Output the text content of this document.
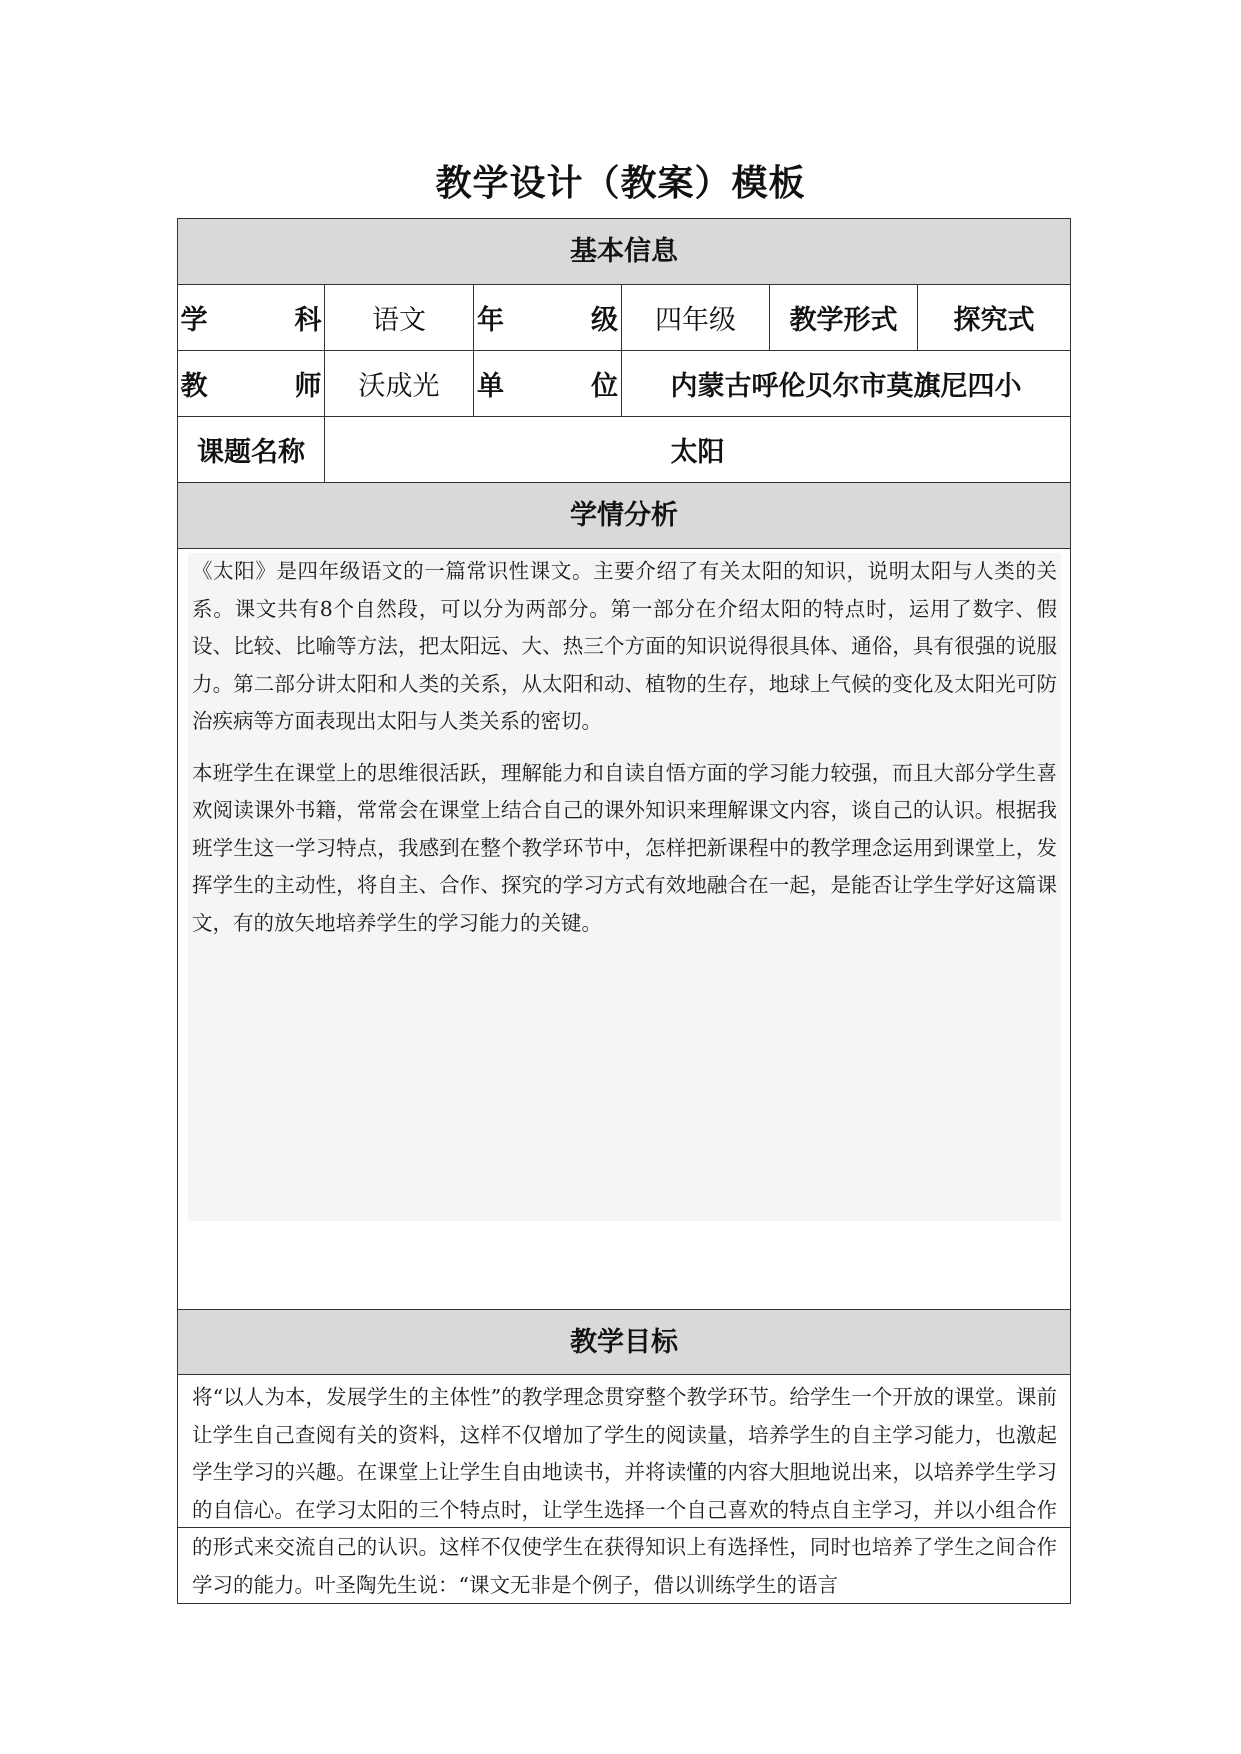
教学设计（教案）模板
基本信息
学　科 语文	年　级 四年级	教学形式	探究式
教　师 沃成光	单　位 内蒙古呼伦贝尔市莫旗尼四小
课题名称	太阳
学情分析

《太阳》是四年级语文的一篇常识性课文。主要介绍了有关太阳的知识，说明太阳与人类的关系。课文共有8个自然段，可以分为两部分。第一部分在介绍太阳的特点时，运用了数字、假设、比较、比喻等方法，把太阳远、大、热三个方面的知识说得很具体、通俗，具有很强的说服力。第二部分讲太阳和人类的关系，从太阳和动、植物的生存，地球上气候的变化及太阳光可防治疾病等方面表现出太阳与人类关系的密切。

本班学生在课堂上的思维很活跃，理解能力和自读自悟方面的学习能力较强，而且大部分学生喜欢阅读课外书籍，常常会在课堂上结合自己的课外知识来理解课文内容，谈自己的认识。根据我班学生这一学习特点，我感到在整个教学环节中，怎样把新课程中的教学理念运用到课堂上，发挥学生的主动性，将自主、合作、探究的学习方式有效地融合在一起，是能否让学生学好这篇课文，有的放矢地培养学生的学习能力的关键。

教学目标

将“以人为本，发展学生的主体性”的教学理念贯穿整个教学环节。给学生一个开放的课堂。课前让学生自己查阅有关的资料，这样不仅增加了学生的阅读量，培养学生的自主学习能力，也激起学生学习的兴趣。在课堂上让学生自由地读书，并将读懂的内容大胆地说出来，以培养学生学习的自信心。在学习太阳的三个特点时，让学生选择一个自己喜欢的特点自主学习，并以小组合作的形式来交流自己的认识。这样不仅使学生在获得知识上有选择性，同时也培养了学生之间合作学习的能力。叶圣陶先生说：“课文无非是个例子，借以训练学生的语言
